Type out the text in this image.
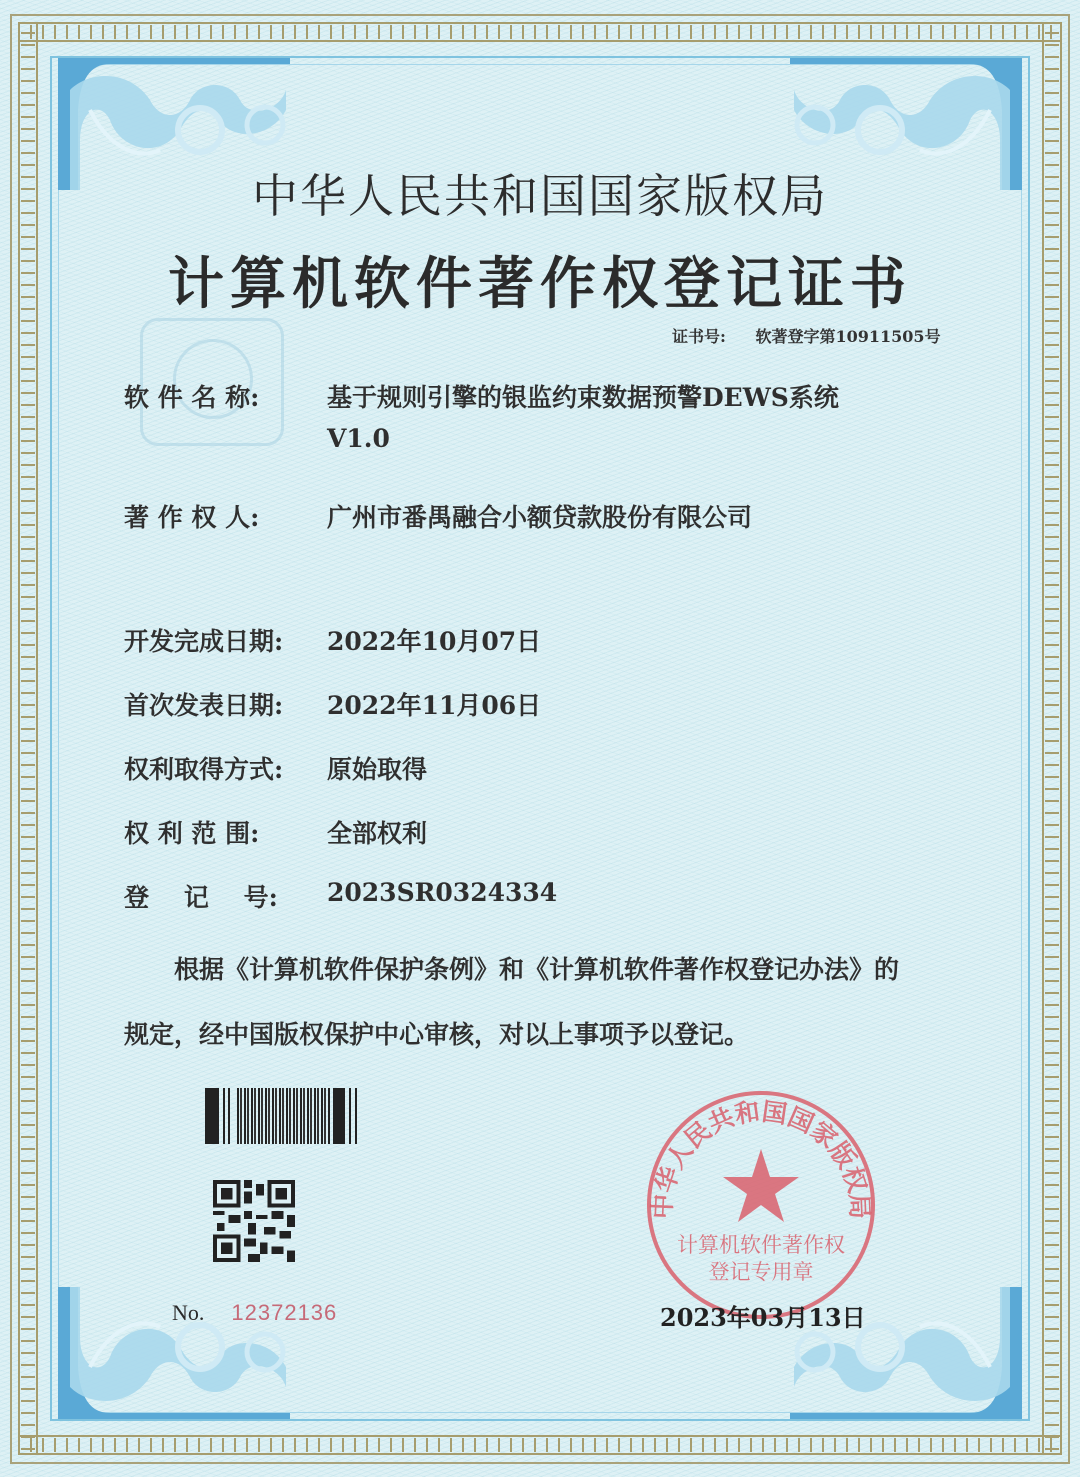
中华人民共和国国家版权局
计算机软件著作权登记证书
证书号: 软著登字第10911505号
软 件 名 称:	基于规则引擎的银监约束数据预警DEWS系统
V1.0
著 作 权 人:	广州市番禺融合小额贷款股份有限公司
开发完成日期: 2022年10月07日
首次发表日期: 2022年11月06日
权利取得方式: 原始取得
权 利 范 围:	全部权利
登    记    号: 2023SR0324334
根据《计算机软件保护条例》和《计算机软件著作权登记办法》的
规定，经中国版权保护中心审核，对以上事项予以登记。
No. 12372136
中华人民共和国国家版权局
计算机软件著作权
登记专用章
2023年03月13日
